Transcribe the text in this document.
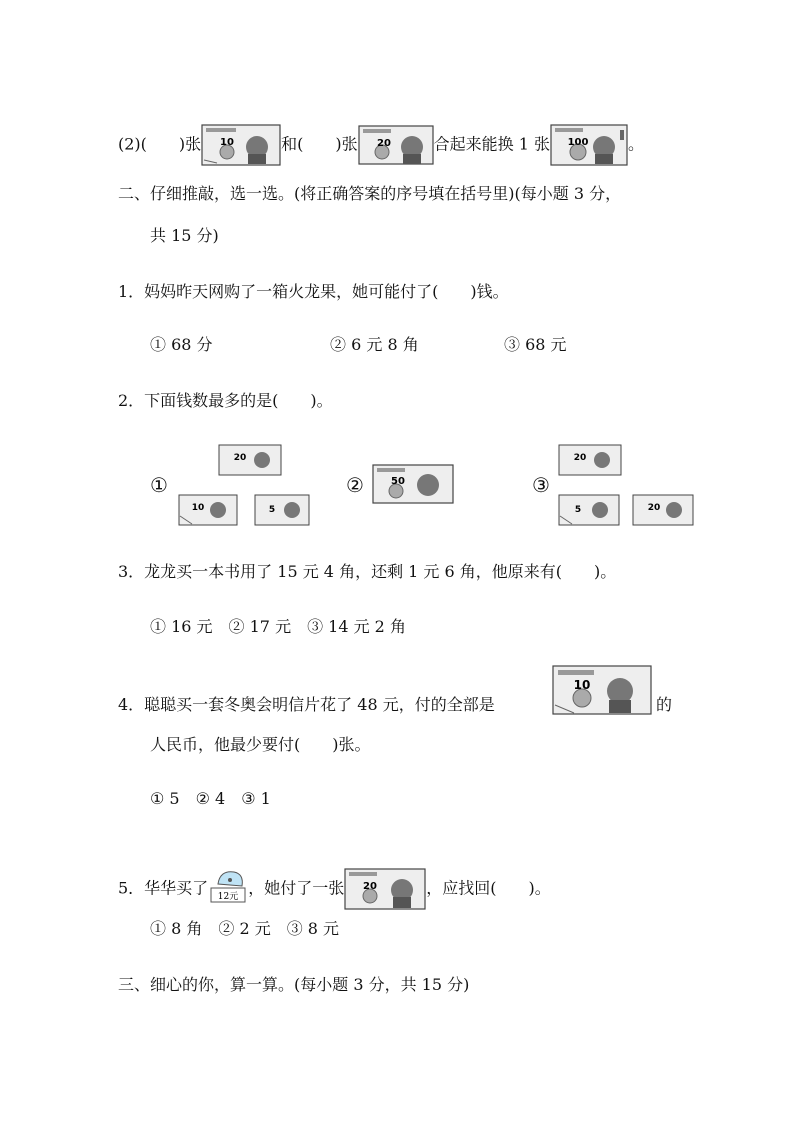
(2)(　　)张 10	和(　　)张 20	合起来能换 1 张 100 。
二、仔细推敲，选一选。(将正确答案的序号填在括号里)(每小题 3 分，
共 15 分)
1．妈妈昨天网购了一箱火龙果，她可能付了(　　)钱。
① 68 分	② 6 元 8 角	③ 68 元
2．下面钱数最多的是(　　)。
①	②	③
20
10	5
50
20
5	20
3．龙龙买一本书用了 15 元 4 角，还剩 1 元 6 角，他原来有(　　)。
① 16 元　② 17 元　③ 14 元 2 角
4．聪聪买一套冬奥会明信片花了 48 元，付的全部是
10
的
人民币，他最少要付(　　)张。
① 5　② 4　③ 1
5．华华买了 12元 ，她付了一张 20	，应找回(　　)。
① 8 角　② 2 元　③ 8 元
三、细心的你，算一算。(每小题 3 分，共 15 分)
